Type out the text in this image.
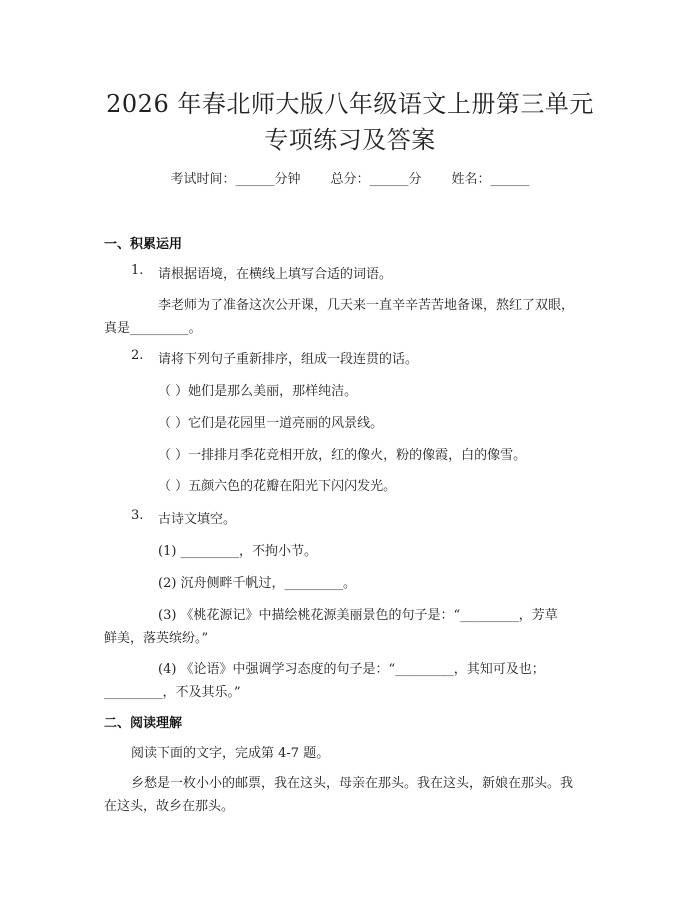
2026 年春北师大版八年级语文上册第三单元
专项练习及答案
考试时间：______分钟 总分：______分 姓名：______
一、积累运用
1. 请根据语境，在横线上填写合适的词语。
李老师为了准备这次公开课，几天来一直辛辛苦苦地备课，熬红了双眼，
真是_________。
2. 请将下列句子重新排序，组成一段连贯的话。
（ ）她们是那么美丽，那样纯洁。
（ ）它们是花园里一道亮丽的风景线。
（ ）一排排月季花竞相开放，红的像火，粉的像霞，白的像雪。
（ ）五颜六色的花瓣在阳光下闪闪发光。
3. 古诗文填空。
(1) _________，不拘小节。
(2) 沉舟侧畔千帆过，_________。
(3) 《桃花源记》中描绘桃花源美丽景色的句子是：“_________，芳草
鲜美，落英缤纷。”
(4) 《论语》中强调学习态度的句子是：“_________，其知可及也；
_________，不及其乐。”
二、阅读理解
阅读下面的文字，完成第 4-7 题。
乡愁是一枚小小的邮票，我在这头，母亲在那头。我在这头，新娘在那头。我
在这头，故乡在那头。
